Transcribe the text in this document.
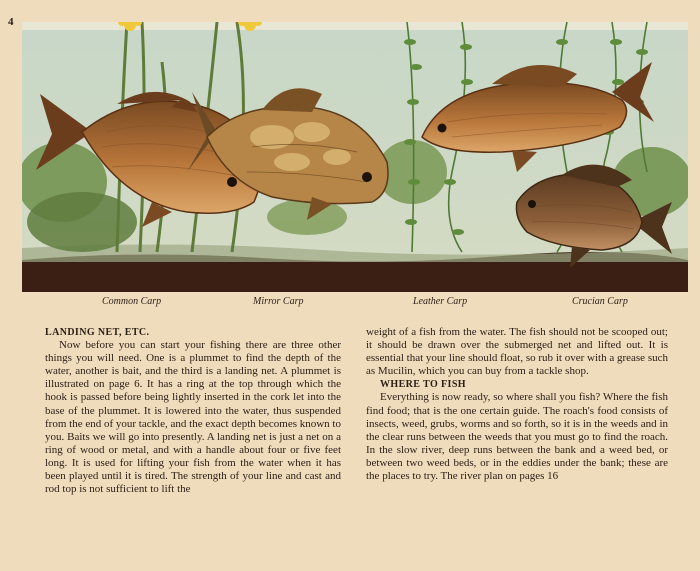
4
Common Carp	Mirror Carp	Leather Carp	Crucian Carp
LANDING NET, ETC.

Now before you can start your fishing there are three other things you will need. One is a plummet to find the depth of the water, another is bait, and the third is a landing net. A plummet is illustrated on page 6. It has a ring at the top through which the hook is passed before being lightly inserted in the cork let into the base of the plummet. It is lowered into the water, thus suspended from the end of your tackle, and the exact depth becomes known to you. Baits we will go into presently. A landing net is just a net on a ring of wood or metal, and with a handle about four or five feet long. It is used for lifting your fish from the water when it has been played until it is tired. The strength of your line and cast and rod top is not sufficient to lift the

weight of a fish from the water. The fish should not be scooped out; it should be drawn over the submerged net and lifted out. It is essential that your line should float, so rub it over with a grease such as Mucilin, which you can buy from a tackle shop.

WHERE TO FISH

Everything is now ready, so where shall you fish? Where the fish find food; that is the one certain guide. The roach's food consists of insects, weed, grubs, worms and so forth, so it is in the weeds and in the clear runs between the weeds that you must go to find the roach. In the slow river, deep runs between the bank and a weed bed, or between two weed beds, or in the eddies under the bank; these are the places to try. The river plan on pages 16
